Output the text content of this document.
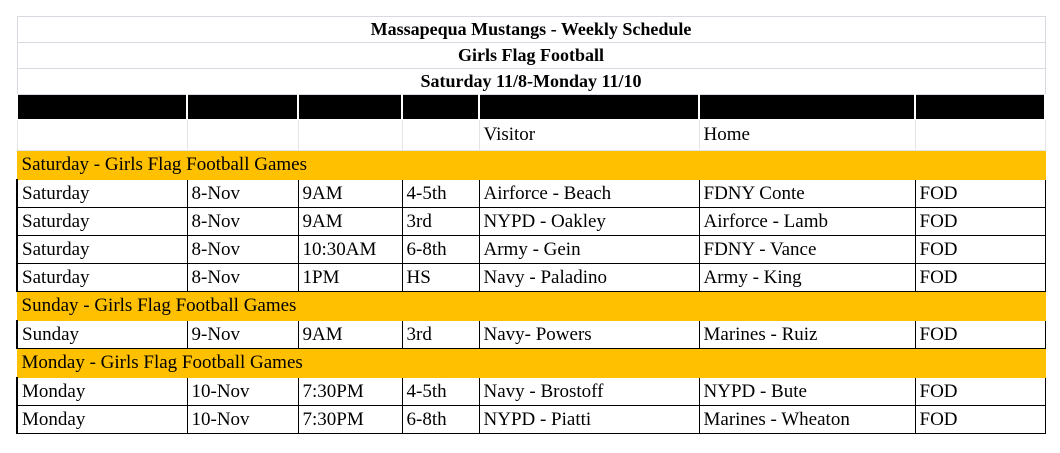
Massapequa Mustangs - Weekly Schedule						
Girls Flag Football						
Saturday 11/8-Monday 11/10						

				Visitor	Home	
Saturday - Girls Flag Football Games						
Saturday	8-Nov	9AM	4-5th	Airforce - Beach	FDNY Conte	FOD
Saturday	8-Nov	9AM	3rd	NYPD - Oakley	Airforce - Lamb	FOD
Saturday	8-Nov	10:30AM	6-8th	Army - Gein	FDNY - Vance	FOD
Saturday	8-Nov	1PM	HS	Navy - Paladino	Army - King	FOD
Sunday - Girls Flag Football Games						
Sunday	9-Nov	9AM	3rd	Navy- Powers	Marines - Ruiz	FOD
Monday - Girls Flag Football Games						
Monday	10-Nov	7:30PM	4-5th	Navy - Brostoff	NYPD - Bute	FOD
Monday	10-Nov	7:30PM	6-8th	NYPD - Piatti	Marines - Wheaton	FOD
